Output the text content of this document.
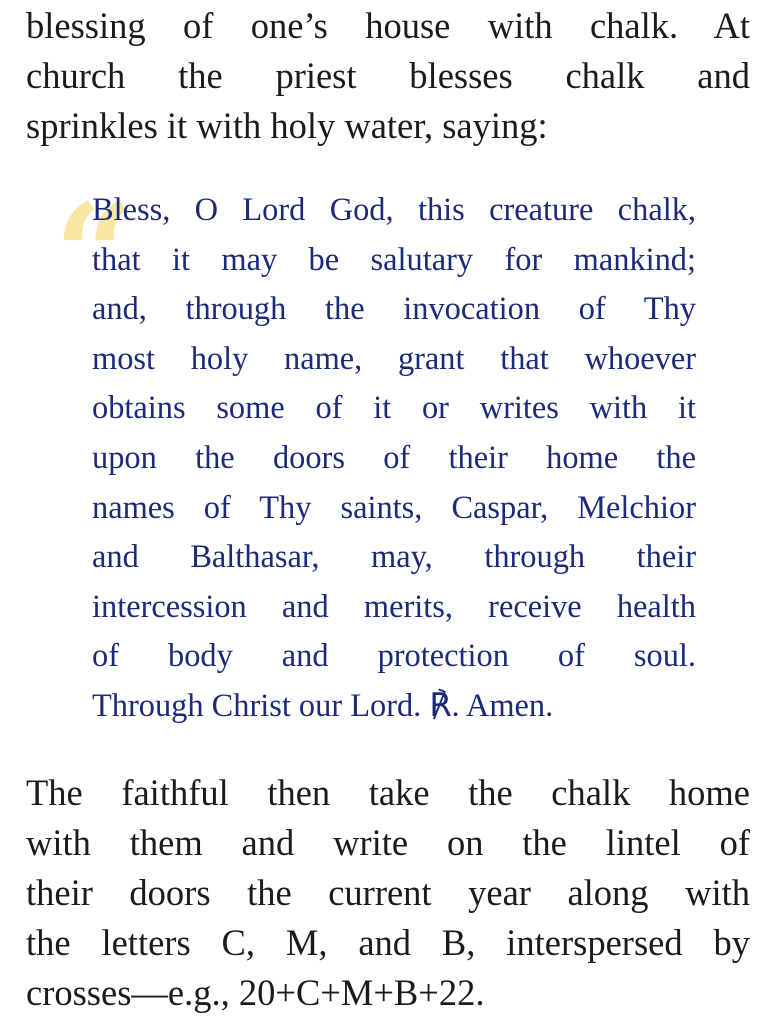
blessing of one’s house with chalk. At
church the priest blesses chalk and
sprinkles it with holy water, saying:

“

Bless, O Lord God, this creature chalk,
that it may be salutary for mankind;
and, through the invocation of Thy
most holy name, grant that whoever
obtains some of it or writes with it
upon the doors of their home the
names of Thy saints, Caspar, Melchior
and Balthasar, may, through their
intercession and merits, receive health
of body and protection of soul.
Through Christ our Lord. ℟. Amen.

The faithful then take the chalk home
with them and write on the lintel of
their doors the current year along with
the letters C, M, and B, interspersed by
crosses—e.g., 20+C+M+B+22.
